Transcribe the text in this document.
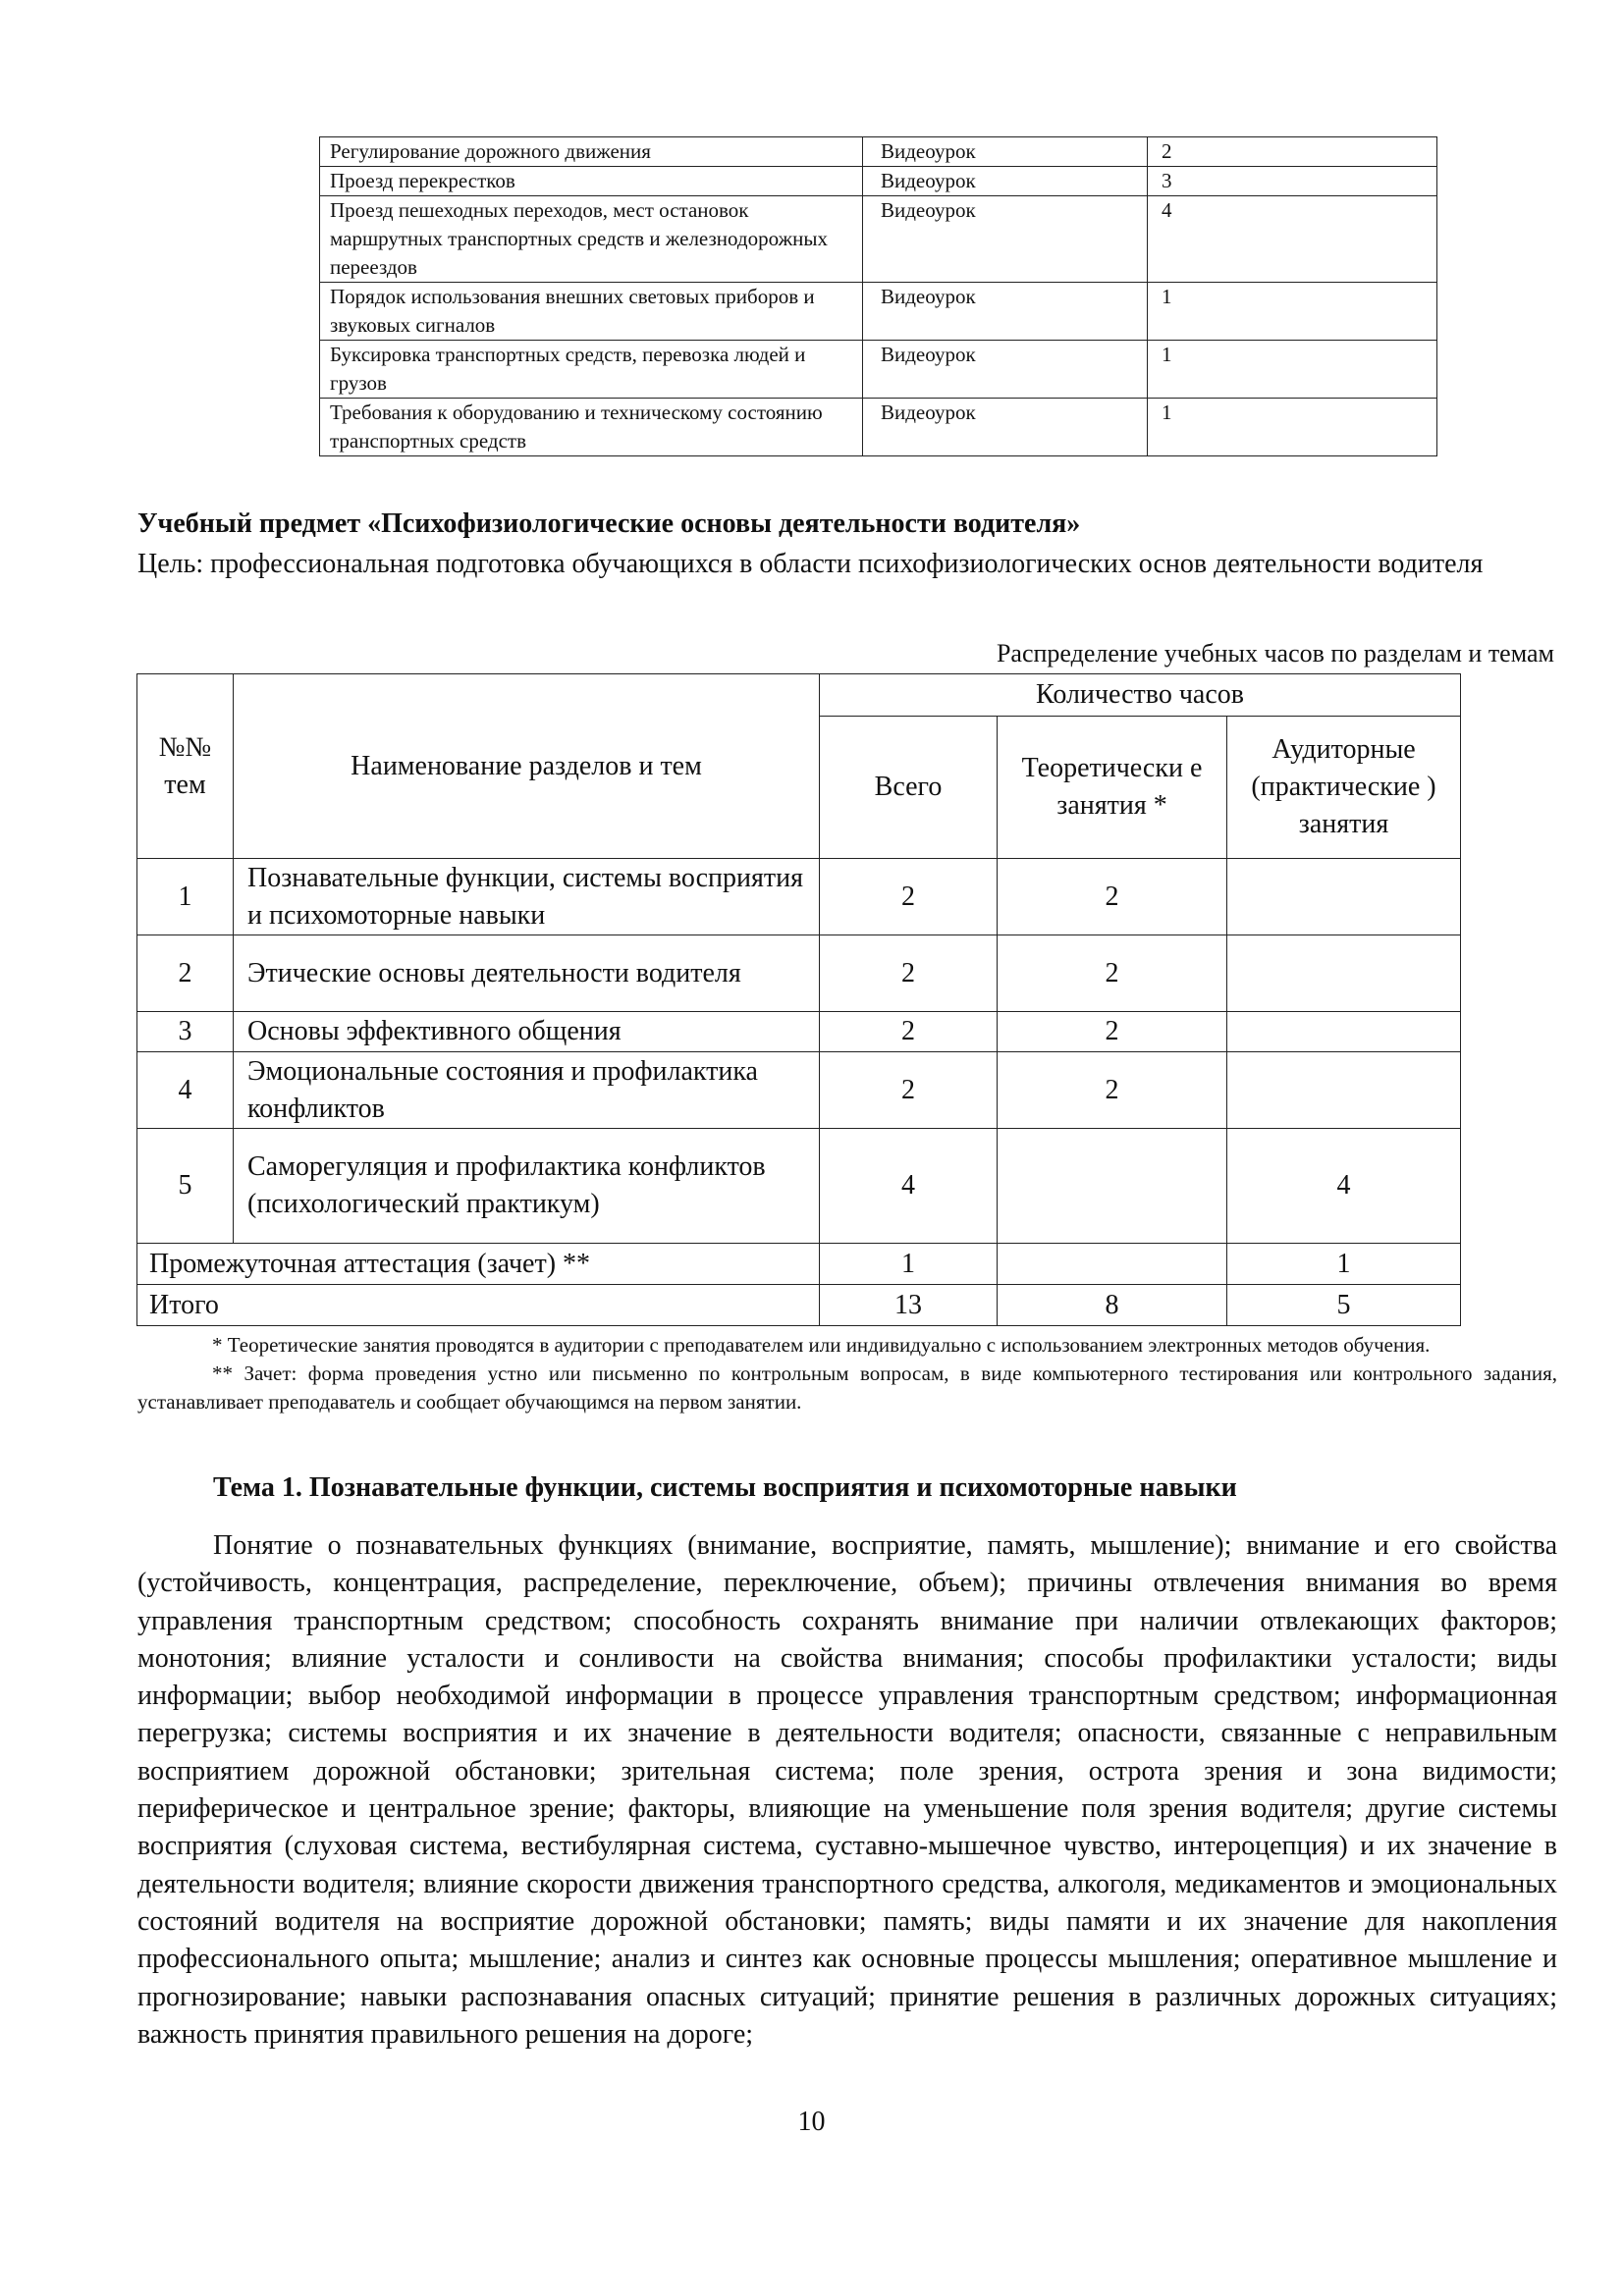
Регулирование дорожного движения	Видеоурок	2

Проезд перекрестков	Видеоурок	3

Проезд пешеходных переходов, мест остановок маршрутных транспортных средств и железнодорожных переездов	Видеоурок	4

Порядок использования внешних световых приборов и звуковых сигналов	Видеоурок	1

Буксировка транспортных средств, перевозка людей и грузов	Видеоурок	1

Требования к оборудованию и техническому состоянию транспортных средств	Видеоурок	1
Учебный предмет «Психофизиологические основы деятельности водителя»
Цель: профессиональная подготовка обучающихся в области психофизиологических основ деятельности водителя
Распределение учебных часов по разделам и темам
№№ тем	Наименование разделов и тем	Количество часов		
		Всего	Теоретически е занятия *	Аудиторные (практические ) занятия
1	Познавательные функции, системы восприятия и психомоторные навыки	2	2	
2	Этические основы деятельности водителя	2	2	
3	Основы эффективного общения	2	2	
4	Эмоциональные состояния и профилактика конфликтов	2	2	
5	Саморегуляция и профилактика конфликтов (психологический практикум)	4		4
Промежуточная аттестация (зачет) **		1		1
Итого		13	8	5

* Теоретические занятия проводятся в аудитории с преподавателем или индивидуально с использованием электронных методов обучения.

** Зачет: форма проведения устно или письменно по контрольным вопросам, в виде компьютерного тестирования или контрольного задания, устанавливает преподаватель и сообщает обучающимся на первом занятии.

Тема 1. Познавательные функции, системы восприятия и психомоторные навыки

Понятие о познавательных функциях (внимание, восприятие, память, мышление); внимание и его свойства (устойчивость, концентрация, распределение, переключение, объем); причины отвлечения внимания во время управления транспортным средством; способность сохранять внимание при наличии отвлекающих факторов; монотония; влияние усталости и сонливости на свойства внимания; способы профилактики усталости; виды информации; выбор необходимой информации в процессе управления транспортным средством; информационная перегрузка; системы восприятия и их значение в деятельности водителя; опасности, связанные с неправильным восприятием дорожной обстановки; зрительная система; поле зрения, острота зрения и зона видимости; периферическое и центральное зрение; факторы, влияющие на уменьшение поля зрения водителя; другие системы восприятия (слуховая система, вестибулярная система, суставно-мышечное чувство, интероцепция) и их значение в деятельности водителя; влияние скорости движения транспортного средства, алкоголя, медикаментов и эмоциональных состояний водителя на восприятие дорожной обстановки; память; виды памяти и их значение для накопления профессионального опыта; мышление; анализ и синтез как основные процессы мышления; оперативное мышление и прогнозирование; навыки распознавания опасных ситуаций; принятие решения в различных дорожных ситуациях; важность принятия правильного решения на дороге;

10
